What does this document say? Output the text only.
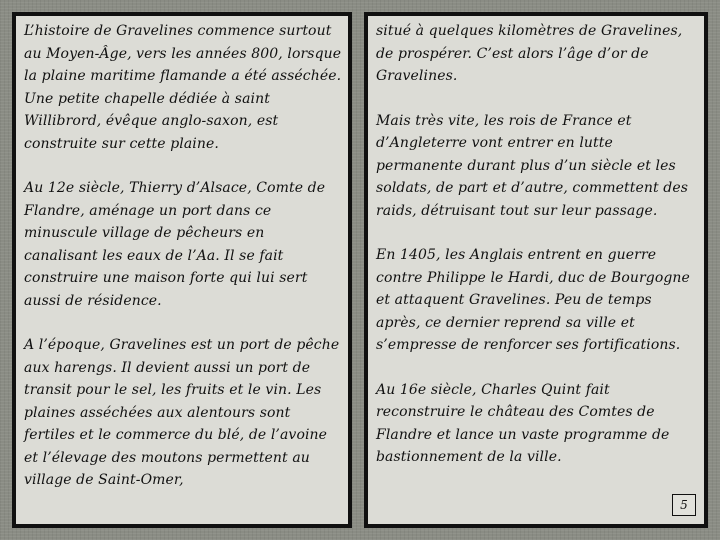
L’histoire de Gravelines commence surtout au Moyen-Âge, vers les années 800, lorsque la plaine maritime flamande a été asséchée. Une petite chapelle dédiée à saint Willibrord, évêque anglo-saxon, est construite sur cette plaine.

Au 12e siècle, Thierry d’Alsace, Comte de Flandre, aménage un port dans ce minuscule village de pêcheurs en canalisant les eaux de l’Aa. Il se fait construire une maison forte qui lui sert aussi de résidence.

A l’époque, Gravelines est un port de pêche aux harengs. Il devient aussi un port de transit pour le sel, les fruits et le vin. Les plaines asséchées aux alentours sont fertiles et le commerce du blé, de l’avoine et l’élevage des moutons permettent au village de Saint-Omer,

situé à quelques kilomètres de Gravelines, de prospérer. C’est alors l’âge d’or de Gravelines.

Mais très vite, les rois de France et d’Angleterre vont entrer en lutte permanente durant plus d’un siècle et les soldats, de part et d’autre, commettent des raids, détruisant tout sur leur passage.

En 1405, les Anglais entrent en guerre contre Philippe le Hardi, duc de Bourgogne et attaquent Gravelines. Peu de temps après, ce dernier reprend sa ville et s’empresse de renforcer ses fortifications.

Au 16e siècle, Charles Quint fait reconstruire le château des Comtes de Flandre et lance un vaste programme de bastionnement de la ville.

5
